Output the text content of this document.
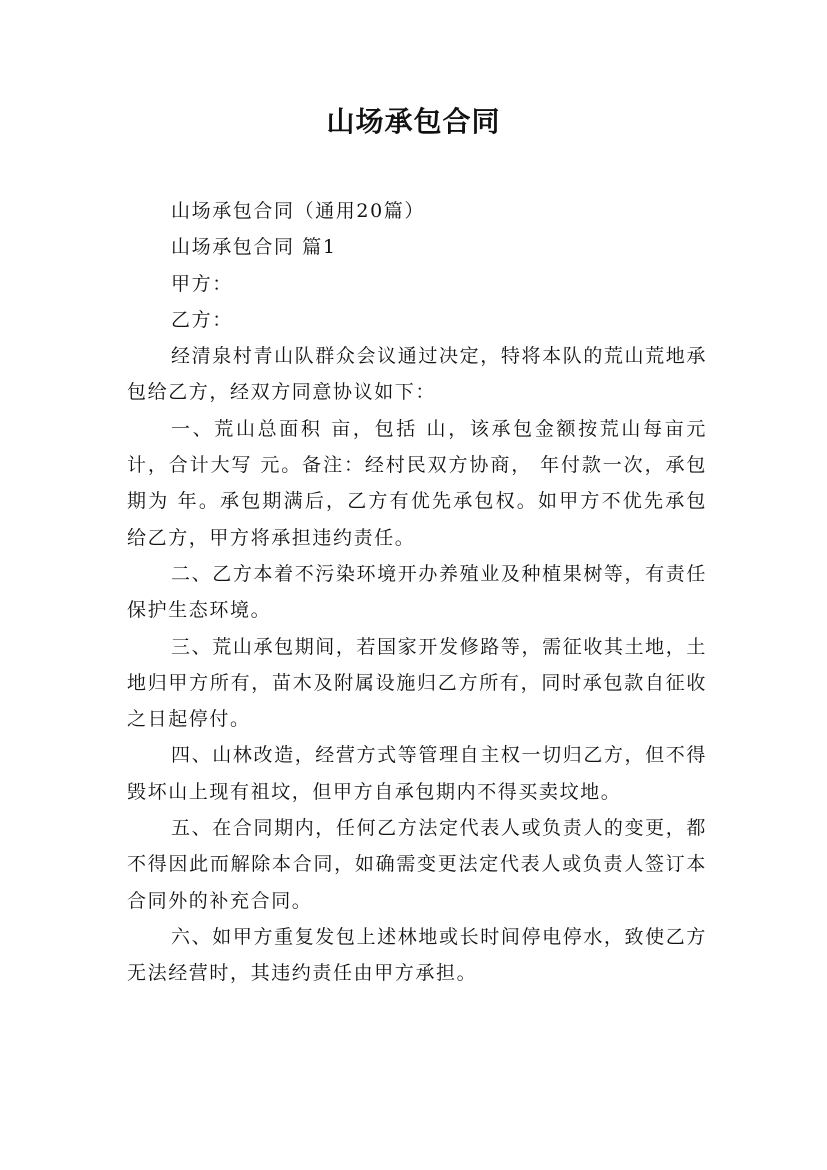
山场承包合同

山场承包合同（通用20篇）

山场承包合同 篇1

甲方：

乙方：

经清泉村青山队群众会议通过决定，特将本队的荒山荒地承包给乙方，经双方同意协议如下：

一、荒山总面积 亩，包括 山，该承包金额按荒山每亩元计，合计大写 元。备注：经村民双方协商， 年付款一次，承包期为 年。承包期满后，乙方有优先承包权。如甲方不优先承包给乙方，甲方将承担违约责任。

二、乙方本着不污染环境开办养殖业及种植果树等，有责任保护生态环境。

三、荒山承包期间，若国家开发修路等，需征收其土地，土地归甲方所有，苗木及附属设施归乙方所有，同时承包款自征收之日起停付。

四、山林改造，经营方式等管理自主权一切归乙方，但不得毁坏山上现有祖坟，但甲方自承包期内不得买卖坟地。

五、在合同期内，任何乙方法定代表人或负责人的变更，都不得因此而解除本合同，如确需变更法定代表人或负责人签订本合同外的补充合同。

六、如甲方重复发包上述林地或长时间停电停水，致使乙方无法经营时，其违约责任由甲方承担。
